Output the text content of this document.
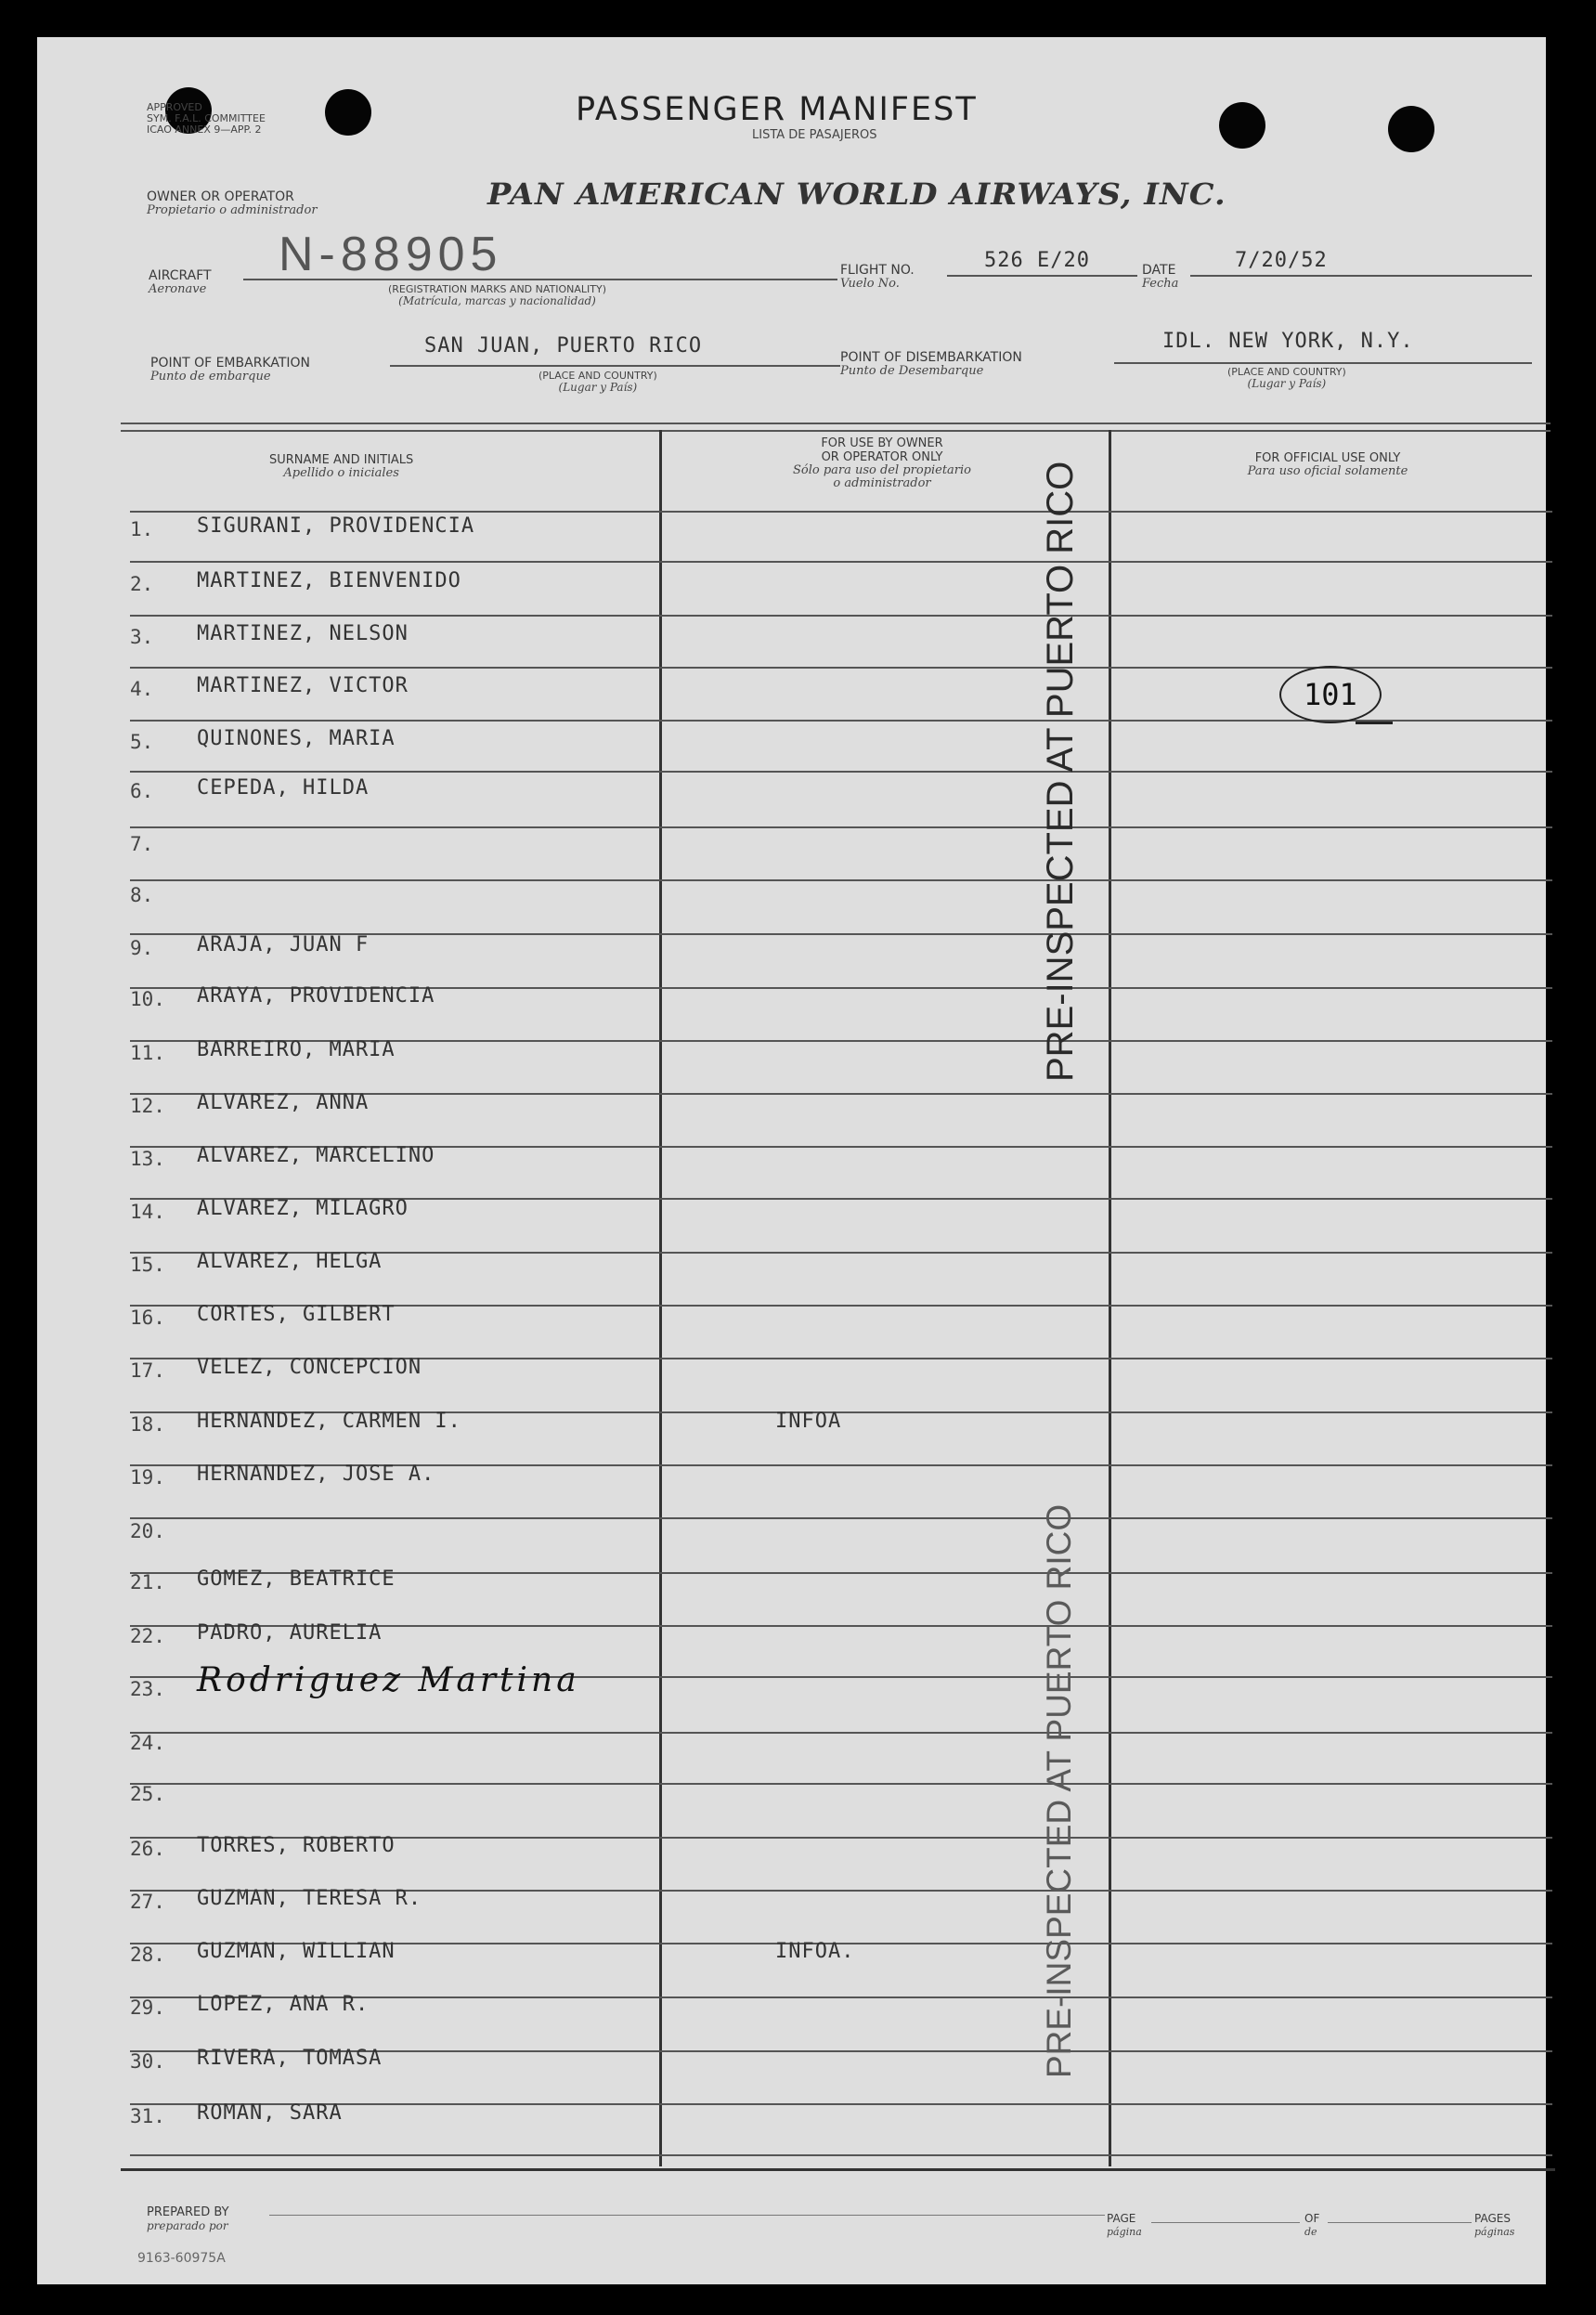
APPROVED
SYM. F.A.L. COMMITTEE
ICAO ANNEX 9—APP. 2
PASSENGER MANIFEST
LISTA DE PASAJEROS
OWNER OR OPERATOR
Propietario o administrador	PAN AMERICAN WORLD AIRWAYS, INC.
AIRCRAFT
Aeronave
N-88905
(REGISTRATION MARKS AND NATIONALITY)
(Matrícula, marcas y nacionalidad)
FLIGHT NO.
Vuelo No.
526 E/20	DATE
Fecha
7/20/52
POINT OF EMBARKATION
Punto de embarque
SAN JUAN, PUERTO RICO
(PLACE AND COUNTRY)
(Lugar y País)
POINT OF DISEMBARKATION
Punto de Desembarque
IDL. NEW YORK, N.Y.
(PLACE AND COUNTRY)
(Lugar y País)
SURNAME AND INITIALS
Apellido o iniciales
FOR USE BY OWNER
OR OPERATOR ONLY
Sólo para uso del propietario
o administrador
FOR OFFICIAL USE ONLY
Para uso oficial solamente
1.	SIGURANI, PROVIDENCIA
2.	MARTINEZ, BIENVENIDO
3.	MARTINEZ, NELSON
4.	MARTINEZ, VICTOR
5.	QUINONES, MARIA
6.	CEPEDA, HILDA
7.
8.
9.	ARAJA, JUAN F
10.	ARAYA, PROVIDENCIA
11.	BARREIRO, MARIA
12.	ALVAREZ, ANNA
13.	ALVAREZ, MARCELINO
14.	ALVAREZ, MILAGRO
15.	ALVAREZ, HELGA
16.	CORTES, GILBERT
17.	VELEZ, CONCEPCION
18.	HERNANDEZ, CARMEN I.	INFOA
19.	HERNANDEZ, JOSE A.
20.
21.	GOMEZ, BEATRICE
22.	PADRO, AURELIA
23. Rodriguez Martina
24.
25.
26.	TORRES, ROBERTO
27.	GUZMAN, TERESA R.
28.	GUZMAN, WILLIAN	INFOA.
29.	LOPEZ, ANA R.
30.	RIVERA, TOMASA
31.	ROMAN, SARA
PRE-INSPECTED AT PUERTO RICO
PRE-INSPECTED AT PUERTO RICO
101
PREPARED BY
preparado por
9163-60975A
PAGE
página
OF
de
PAGES
páginas
